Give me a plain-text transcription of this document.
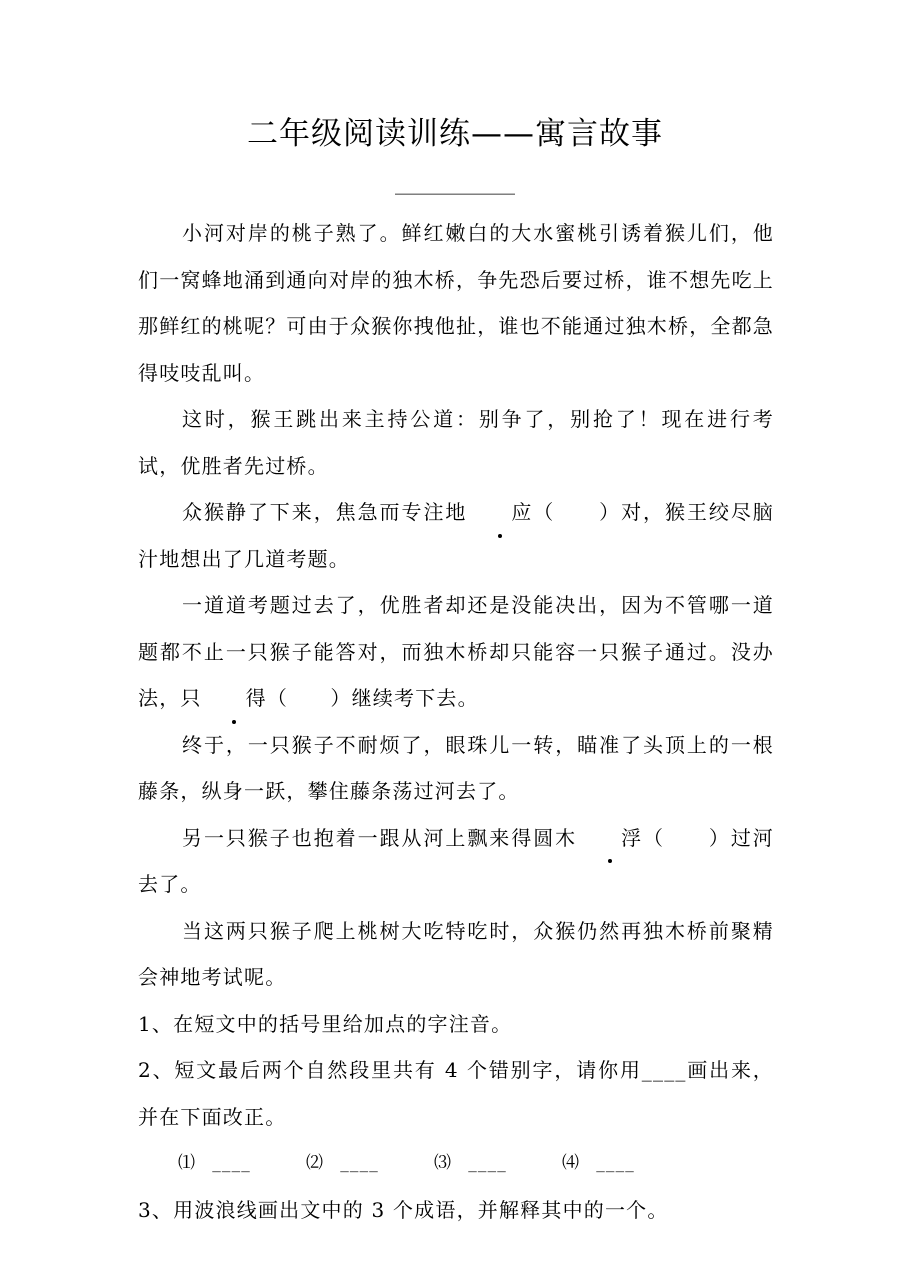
二年级阅读训练——寓言故事
____________

小河对岸的桃子熟了。鲜红嫩白的大水蜜桃引诱着猴儿们，他们一窝蜂地涌到通向对岸的独木桥，争先恐后要过桥，谁不想先吃上那鲜红的桃呢？可由于众猴你拽他扯，谁也不能通过独木桥，全都急得吱吱乱叫。

这时，猴王跳出来主持公道：别争了，别抢了！现在进行考试，优胜者先过桥。

众猴静了下来，焦急而专注地 应（　　）对，猴王绞尽脑汁地想出了几道考题。

一道道考题过去了，优胜者却还是没能决出，因为不管哪一道题都不止一只猴子能答对，而独木桥却只能容一只猴子通过。没办法，只 得（　　）继续考下去。

终于，一只猴子不耐烦了，眼珠儿一转，瞄准了头顶上的一根藤条，纵身一跃，攀住藤条荡过河去了。

另一只猴子也抱着一跟从河上飘来得圆木 浮（　　）过河去了。

当这两只猴子爬上桃树大吃特吃时，众猴仍然再独木桥前聚精会神地考试呢。

1、在短文中的括号里给加点的字注音。

2、短文最后两个自然段里共有 4 个错别字，请你用____画出来，并在下面改正。

⑴ ____	⑵ ____	⑶ ____	⑷ ____

3、用波浪线画出文中的 3 个成语，并解释其中的一个。
